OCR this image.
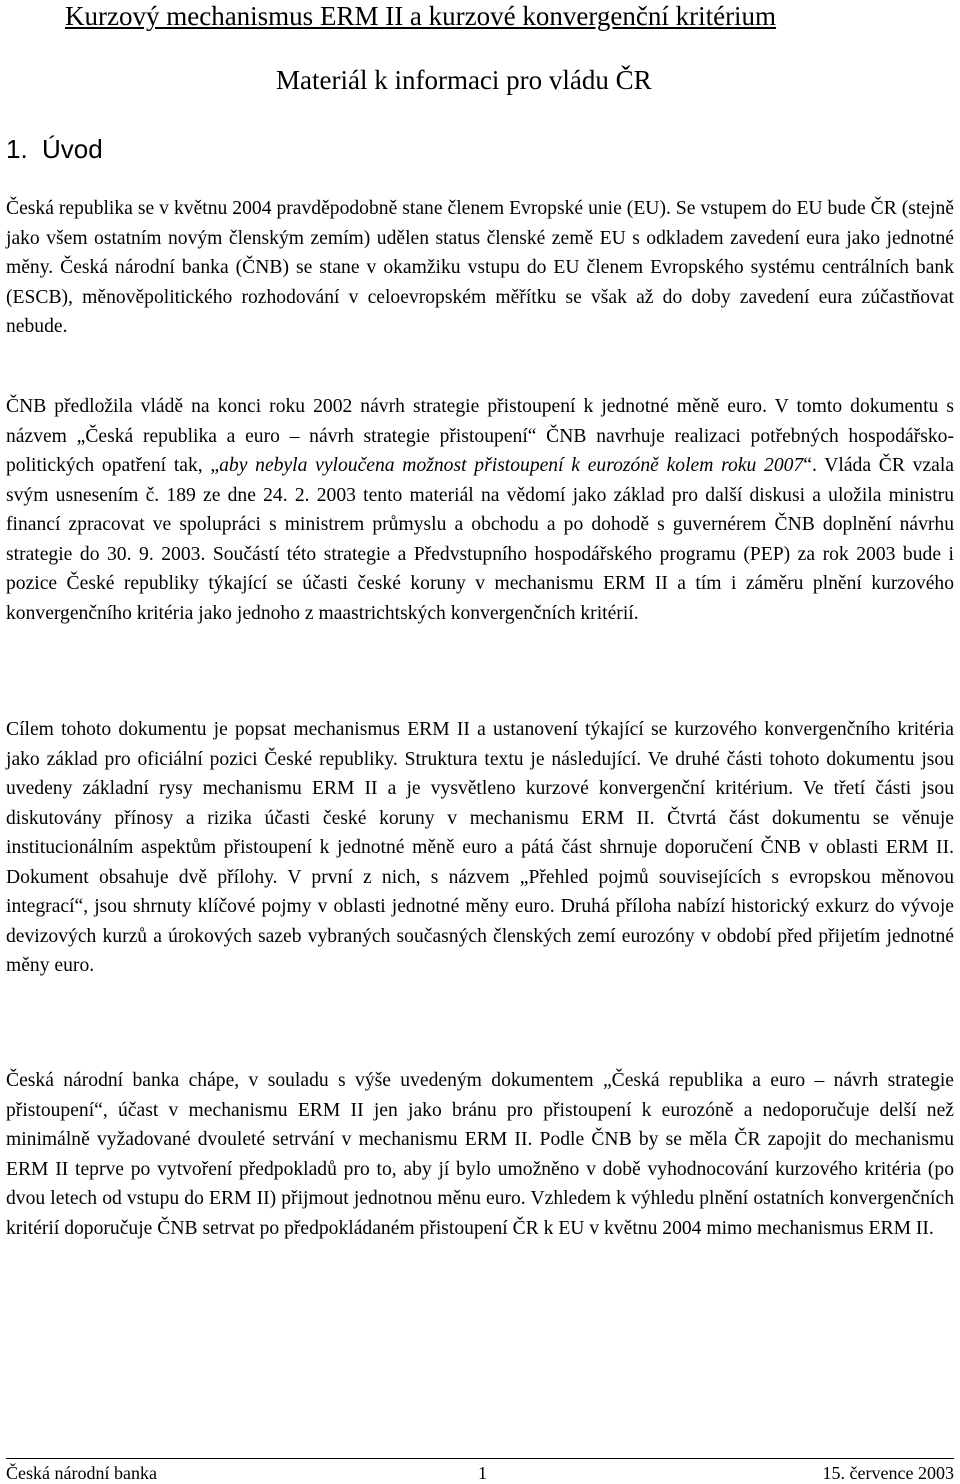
Kurzový mechanismus ERM II a kurzové konvergenční kritérium
Materiál k informaci pro vládu ČR
1. Úvod

Česká republika se v květnu 2004 pravděpodobně stane členem Evropské unie (EU). Se vstupem do EU bude ČR (stejně jako všem ostatním novým členským zemím) udělen status členské země EU s odkladem zavedení eura jako jednotné měny. Česká národní banka (ČNB) se stane v okamžiku vstupu do EU členem Evropského systému centrálních bank (ESCB), měnověpolitického rozhodování v celoevropském měřítku se však až do doby zavedení eura zúčastňovat nebude.

ČNB předložila vládě na konci roku 2002 návrh strategie přistoupení k jednotné měně euro. V tomto dokumentu s názvem „Česká republika a euro – návrh strategie přistoupení“ ČNB navrhuje realizaci potřebných hospodářsko-politických opatření tak, „aby nebyla vyloučena možnost přistoupení k eurozóně kolem roku 2007“. Vláda ČR vzala svým usnesením č. 189 ze dne 24. 2. 2003 tento materiál na vědomí jako základ pro další diskusi a uložila ministru financí zpracovat ve spolupráci s ministrem průmyslu a obchodu a po dohodě s guvernérem ČNB doplnění návrhu strategie do 30. 9. 2003. Součástí této strategie a Předvstupního hospodářského programu (PEP) za rok 2003 bude i pozice České republiky týkající se účasti české koruny v mechanismu ERM II a tím i záměru plnění kurzového konvergenčního kritéria jako jednoho z maastrichtských konvergenčních kritérií.

Cílem tohoto dokumentu je popsat mechanismus ERM II a ustanovení týkající se kurzového konvergenčního kritéria jako základ pro oficiální pozici České republiky. Struktura textu je následující. Ve druhé části tohoto dokumentu jsou uvedeny základní rysy mechanismu ERM II a je vysvětleno kurzové konvergenční kritérium. Ve třetí části jsou diskutovány přínosy a rizika účasti české koruny v mechanismu ERM II. Čtvrtá část dokumentu se věnuje institucionálním aspektům přistoupení k jednotné měně euro a pátá část shrnuje doporučení ČNB v oblasti ERM II. Dokument obsahuje dvě přílohy. V první z nich, s názvem „Přehled pojmů souvisejících s evropskou měnovou integrací“, jsou shrnuty klíčové pojmy v oblasti jednotné měny euro. Druhá příloha nabízí historický exkurz do vývoje devizových kurzů a úrokových sazeb vybraných současných členských zemí eurozóny v období před přijetím jednotné měny euro.

Česká národní banka chápe, v souladu s výše uvedeným dokumentem „Česká republika a euro – návrh strategie přistoupení“, účast v mechanismu ERM II jen jako bránu pro přistoupení k eurozóně a nedoporučuje delší než minimálně vyžadované dvouleté setrvání v mechanismu ERM II. Podle ČNB by se měla ČR zapojit do mechanismu ERM II teprve po vytvoření předpokladů pro to, aby jí bylo umožněno v době vyhodnocování kurzového kritéria (po dvou letech od vstupu do ERM II) přijmout jednotnou měnu euro. Vzhledem k výhledu plnění ostatních konvergenčních kritérií doporučuje ČNB setrvat po předpokládaném přistoupení ČR k EU v květnu 2004 mimo mechanismus ERM II.

Česká národní banka	1	15. července 2003
